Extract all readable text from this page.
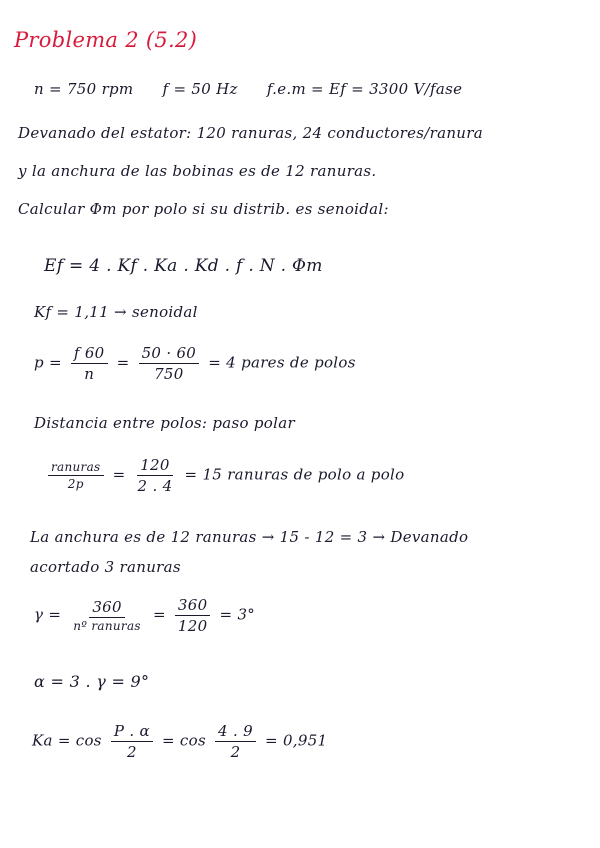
Problema 2 (5.2)
n = 750 rpm f = 50 Hz f.e.m = Ef = 3300 V/fase
Devanado del estator: 120 ranuras, 24 conductores/ranura
y la anchura de las bobinas es de 12 ranuras.
Calcular Φm por polo si su distrib. es senoidal:
Ef = 4 . Kf . Ka . Kd . f . N . Φm
Kf = 1,11 → senoidal
$p = \frac{f 60}{n} = \frac{50 \cdot 60}{750} = 4$ pares de polos
Distancia entre polos: paso polar
$\frac{\text{ranuras}}{2p} = \frac{120}{2 . 4} = 15$ ranuras de polo a polo
La anchura es de 12 ranuras → 15 - 12 = 3 → Devanado
acortado 3 ranuras
$\gamma = \frac{360}{\text{nº ranuras}} = \frac{360}{120} = 3^\circ$
α = 3 . γ = 9°
$Ka = \cos \frac{P . \alpha}{2} = \cos \frac{4 . 9}{2} = 0,951$
